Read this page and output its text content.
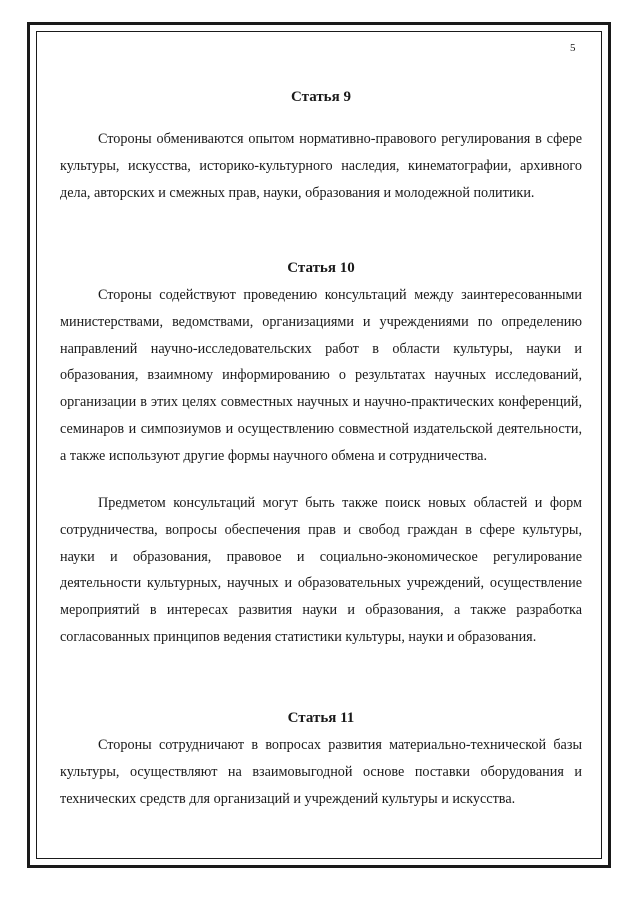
5
Статья 9

Стороны обмениваются опытом нормативно-правового регулирования в сфере культуры, искусства, историко-культурного наследия, кинематографии, архивного дела, авторских и смежных прав, науки, образования и молодежной политики.

Статья 10

Стороны содействуют проведению консультаций между заинтересованными министерствами, ведомствами, организациями и учреждениями по определению направлений научно-исследовательских работ в области культуры, науки и образования, взаимному информированию о результатах научных исследований, организации в этих целях совместных научных и научно-практических конференций, семинаров и симпозиумов и осуществлению совместной издательской деятельности, а также используют другие формы научного обмена и сотрудничества.

Предметом консультаций могут быть также поиск новых областей и форм сотрудничества, вопросы обеспечения прав и свобод граждан в сфере культуры, науки и образования, правовое и социально-экономическое регулирование деятельности культурных, научных и образовательных учреждений, осуществление мероприятий в интересах развития науки и образования, а также разработка согласованных принципов ведения статистики культуры, науки и образования.

Статья 11

Стороны сотрудничают в вопросах развития материально-технической базы культуры, осуществляют на взаимовыгодной основе поставки оборудования и технических средств для организаций и учреждений культуры и искусства.
